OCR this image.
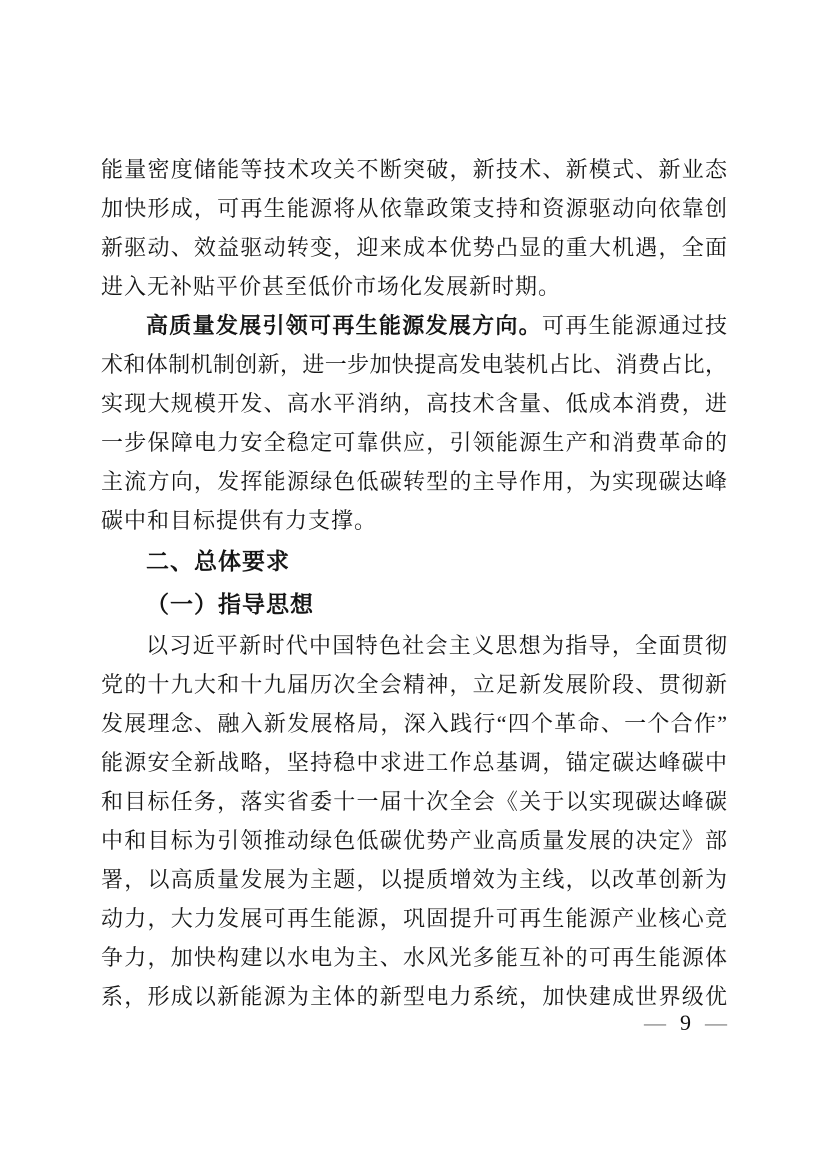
能量密度储能等技术攻关不断突破，新技术、新模式、新业态
加快形成，可再生能源将从依靠政策支持和资源驱动向依靠创
新驱动、效益驱动转变，迎来成本优势凸显的重大机遇，全面
进入无补贴平价甚至低价市场化发展新时期。
高质量发展引领可再生能源发展方向。可再生能源通过技
术和体制机制创新，进一步加快提高发电装机占比、消费占比，
实现大规模开发、高水平消纳，高技术含量、低成本消费，进
一步保障电力安全稳定可靠供应，引领能源生产和消费革命的
主流方向，发挥能源绿色低碳转型的主导作用，为实现碳达峰
碳中和目标提供有力支撑。
二、总体要求
（一）指导思想
以习近平新时代中国特色社会主义思想为指导，全面贯彻
党的十九大和十九届历次全会精神，立足新发展阶段、贯彻新
发展理念、融入新发展格局，深入践行“四个革命、一个合作”
能源安全新战略，坚持稳中求进工作总基调，锚定碳达峰碳中
和目标任务，落实省委十一届十次全会《关于以实现碳达峰碳
中和目标为引领推动绿色低碳优势产业高质量发展的决定》部
署，以高质量发展为主题，以提质增效为主线，以改革创新为
动力，大力发展可再生能源，巩固提升可再生能源产业核心竞
争力，加快构建以水电为主、水风光多能互补的可再生能源体
系，形成以新能源为主体的新型电力系统，加快建成世界级优
— 9 —
